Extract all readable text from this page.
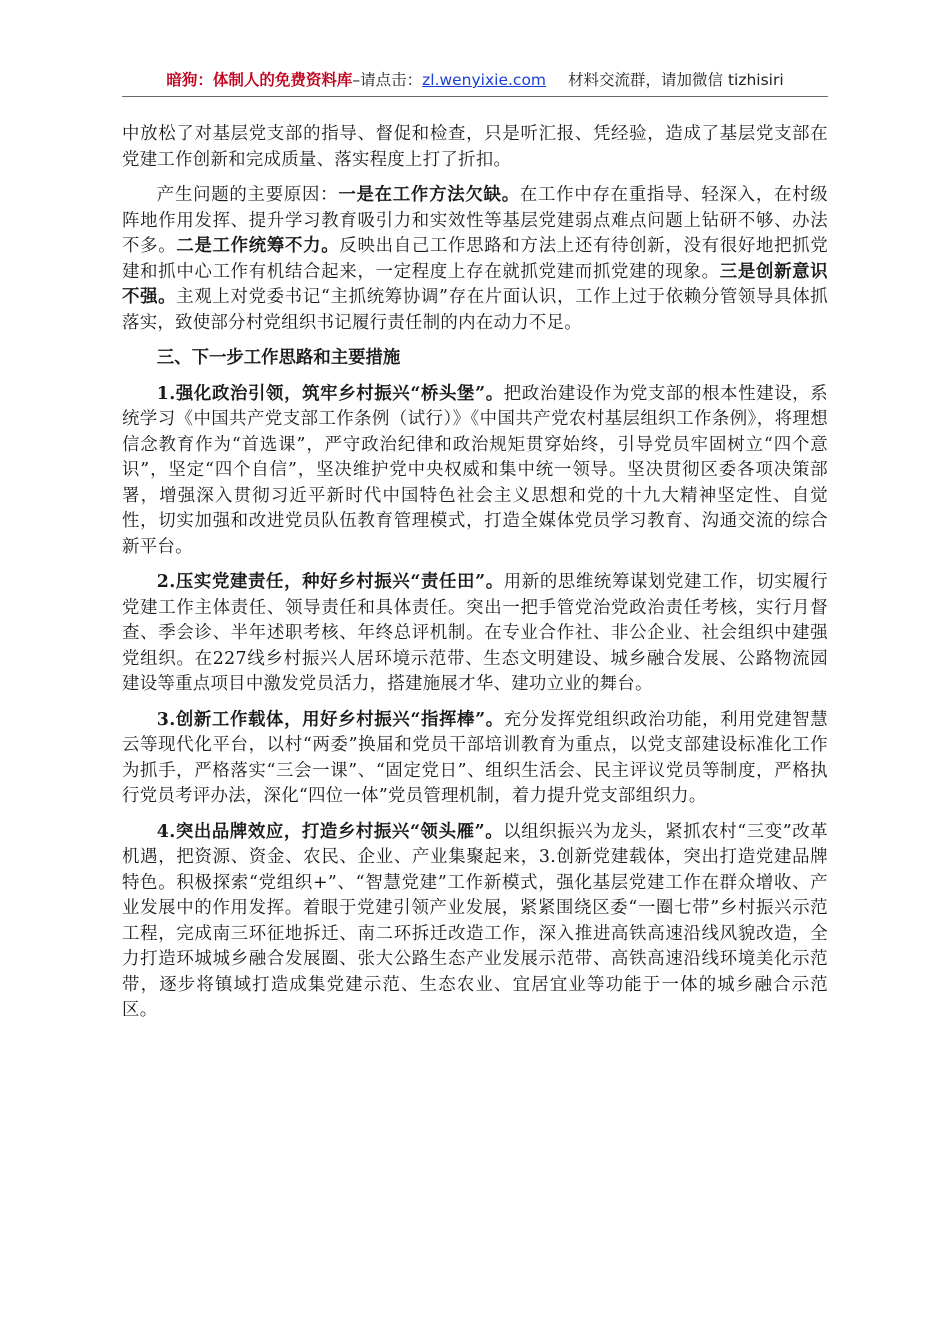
暗狗：体制人的免费资料库–请点击：zl.wenyixie.com 材料交流群，请加微信 tizhisiri

中放松了对基层党支部的指导、督促和检查，只是听汇报、凭经验，造成了基层党支部在党建工作创新和完成质量、落实程度上打了折扣。

产生问题的主要原因：一是在工作方法欠缺。在工作中存在重指导、轻深入，在村级阵地作用发挥、提升学习教育吸引力和实效性等基层党建弱点难点问题上钻研不够、办法不多。二是工作统筹不力。反映出自己工作思路和方法上还有待创新，没有很好地把抓党建和抓中心工作有机结合起来，一定程度上存在就抓党建而抓党建的现象。三是创新意识不强。主观上对党委书记“主抓统筹协调”存在片面认识，工作上过于依赖分管领导具体抓落实，致使部分村党组织书记履行责任制的内在动力不足。

三、下一步工作思路和主要措施

1.强化政治引领，筑牢乡村振兴“桥头堡”。把政治建设作为党支部的根本性建设，系统学习《中国共产党支部工作条例（试行）》《中国共产党农村基层组织工作条例》，将理想信念教育作为“首选课”，严守政治纪律和政治规矩贯穿始终，引导党员牢固树立“四个意识”，坚定“四个自信”，坚决维护党中央权威和集中统一领导。坚决贯彻区委各项决策部署，增强深入贯彻习近平新时代中国特色社会主义思想和党的十九大精神坚定性、自觉性，切实加强和改进党员队伍教育管理模式，打造全媒体党员学习教育、沟通交流的综合新平台。

2.压实党建责任，种好乡村振兴“责任田”。用新的思维统筹谋划党建工作，切实履行党建工作主体责任、领导责任和具体责任。突出一把手管党治党政治责任考核，实行月督查、季会诊、半年述职考核、年终总评机制。在专业合作社、非公企业、社会组织中建强党组织。在227线乡村振兴人居环境示范带、生态文明建设、城乡融合发展、公路物流园建设等重点项目中激发党员活力，搭建施展才华、建功立业的舞台。

3.创新工作载体，用好乡村振兴“指挥棒”。充分发挥党组织政治功能，利用党建智慧云等现代化平台，以村“两委”换届和党员干部培训教育为重点，以党支部建设标准化工作为抓手，严格落实“三会一课”、“固定党日”、组织生活会、民主评议党员等制度，严格执行党员考评办法，深化“四位一体”党员管理机制，着力提升党支部组织力。

4.突出品牌效应，打造乡村振兴“领头雁”。以组织振兴为龙头，紧抓农村“三变”改革机遇，把资源、资金、农民、企业、产业集聚起来，3.创新党建载体，突出打造党建品牌特色。积极探索“党组织+”、“智慧党建”工作新模式，强化基层党建工作在群众增收、产业发展中的作用发挥。着眼于党建引领产业发展，紧紧围绕区委“一圈七带”乡村振兴示范工程，完成南三环征地拆迁、南二环拆迁改造工作，深入推进高铁高速沿线风貌改造，全力打造环城城乡融合发展圈、张大公路生态产业发展示范带、高铁高速沿线环境美化示范带，逐步将镇域打造成集党建示范、生态农业、宜居宜业等功能于一体的城乡融合示范区。
